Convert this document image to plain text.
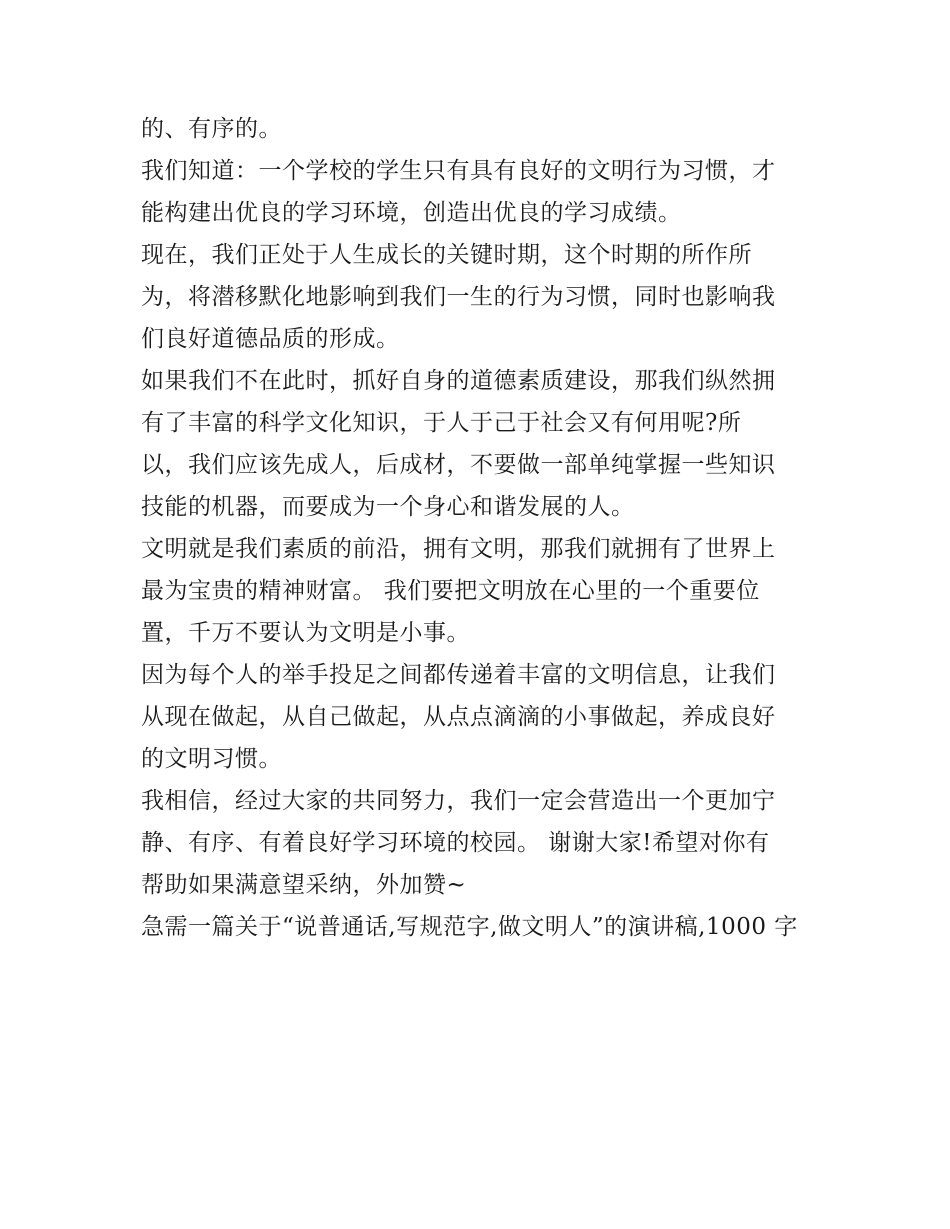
的、有序的。
我们知道：一个学校的学生只有具有良好的文明行为习惯，才
能构建出优良的学习环境，创造出优良的学习成绩。
现在，我们正处于人生成长的关键时期，这个时期的所作所
为，将潜移默化地影响到我们一生的行为习惯，同时也影响我
们良好道德品质的形成。
如果我们不在此时，抓好自身的道德素质建设，那我们纵然拥
有了丰富的科学文化知识，于人于己于社会又有何用呢?所
以，我们应该先成人，后成材，不要做一部单纯掌握一些知识
技能的机器，而要成为一个身心和谐发展的人。
文明就是我们素质的前沿，拥有文明，那我们就拥有了世界上
最为宝贵的精神财富。 我们要把文明放在心里的一个重要位
置，千万不要认为文明是小事。
因为每个人的举手投足之间都传递着丰富的文明信息，让我们
从现在做起，从自己做起，从点点滴滴的小事做起，养成良好
的文明习惯。
我相信，经过大家的共同努力，我们一定会营造出一个更加宁
静、有序、有着良好学习环境的校园。 谢谢大家!希望对你有
帮助如果满意望采纳，外加赞~
急需一篇关于“说普通话,写规范字,做文明人”的演讲稿,1000 字
